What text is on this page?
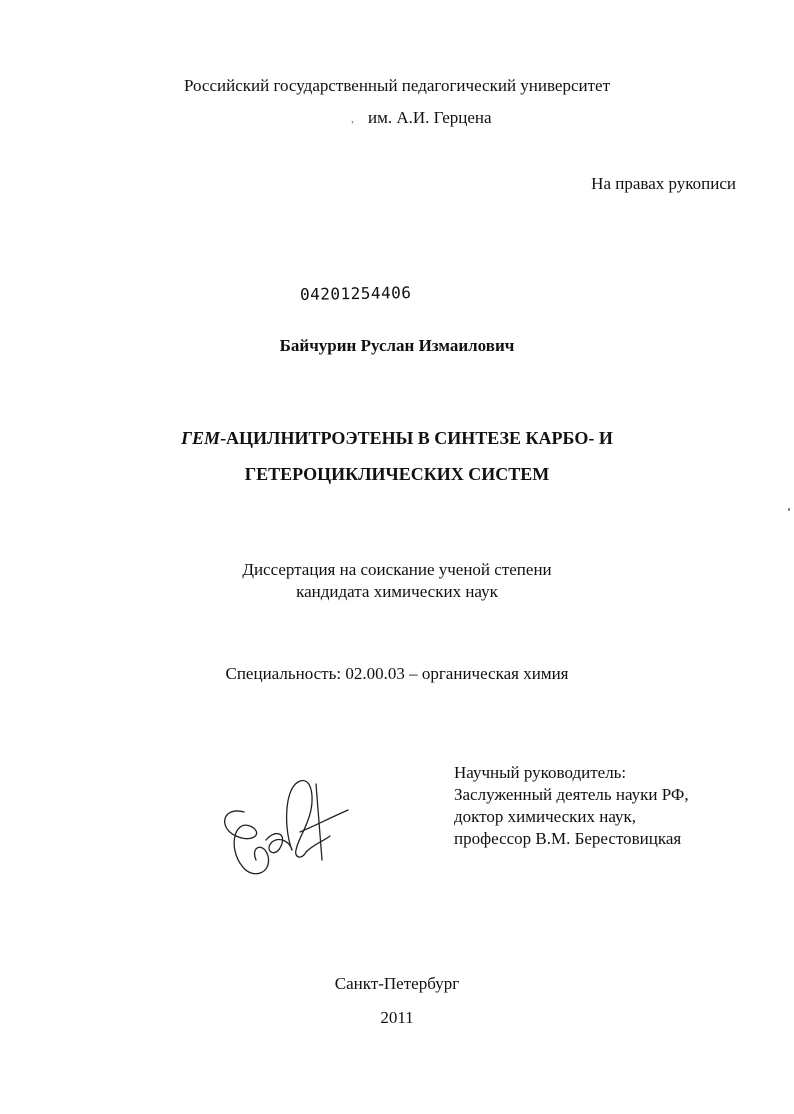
Российский государственный педагогический университет
, им. А.И. Герцена
На правах рукописи
04201254406
Байчурин Руслан Измаилович
ГЕМ-АЦИЛНИТРОЭТЕНЫ В СИНТЕЗЕ КАРБО- И
ГЕТЕРОЦИКЛИЧЕСКИХ СИСТЕМ
Диссертация на соискание ученой степени
кандидата химических наук
Специальность: 02.00.03 – органическая химия
Научный руководитель:
Заслуженный деятель науки РФ,
доктор химических наук,
профессор В.М. Берестовицкая
Санкт-Петербург
2011
